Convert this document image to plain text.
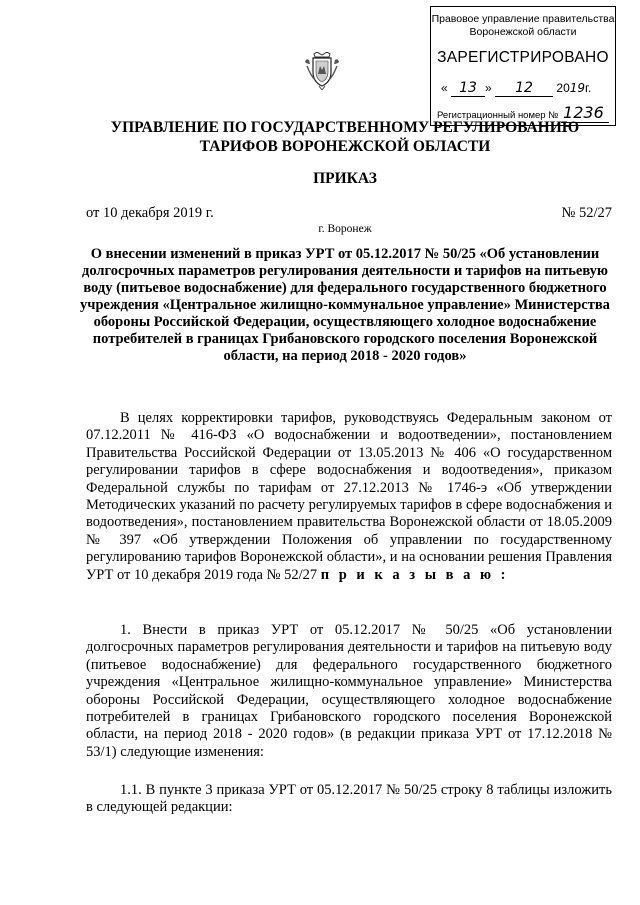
Правовое управление правительства
Воронежской области
ЗАРЕГИСТРИРОВАНО
« 13 » 12 2019г.
Регистрационный номер № 1236
УПРАВЛЕНИЕ ПО ГОСУДАРСТВЕННОМУ РЕГУЛИРОВАНИЮ
ТАРИФОВ ВОРОНЕЖСКОЙ ОБЛАСТИ
ПРИКАЗ
от 10 декабря 2019 г.	№ 52/27
г. Воронеж
О внесении изменений в приказ УРТ от 05.12.2017 № 50/25 «Об установлении долгосрочных параметров регулирования деятельности и тарифов на питьевую воду (питьевое водоснабжение) для федерального государственного бюджетного учреждения «Центральное жилищно-коммунальное управление» Министерства обороны Российской Федерации, осуществляющего холодное водоснабжение потребителей в границах Грибановского городского поселения Воронежской области, на период 2018 - 2020 годов»

В целях корректировки тарифов, руководствуясь Федеральным законом от 07.12.2011 № 416-ФЗ «О водоснабжении и водоотведении», постановлением Правительства Российской Федерации от 13.05.2013 № 406 «О государственном регулировании тарифов в сфере водоснабжения и водоотведения», приказом Федеральной службы по тарифам от 27.12.2013 № 1746-э «Об утверждении Методических указаний по расчету регулируемых тарифов в сфере водоснабжения и водоотведения», постановлением правительства Воронежской области от 18.05.2009 № 397 «Об утверждении Положения об управлении по государственному регулированию тарифов Воронежской области», и на основании решения Правления УРТ от 10 декабря 2019 года № 52/27 п р и к а з ы в а ю :

1. Внести в приказ УРТ от 05.12.2017 № 50/25 «Об установлении долгосрочных параметров регулирования деятельности и тарифов на питьевую воду (питьевое водоснабжение) для федерального государственного бюджетного учреждения «Центральное жилищно-коммунальное управление» Министерства обороны Российской Федерации, осуществляющего холодное водоснабжение потребителей в границах Грибановского городского поселения Воронежской области, на период 2018 - 2020 годов» (в редакции приказа УРТ от 17.12.2018 № 53/1) следующие изменения:

1.1. В пункте 3 приказа УРТ от 05.12.2017 № 50/25 строку 8 таблицы изложить в следующей редакции:
